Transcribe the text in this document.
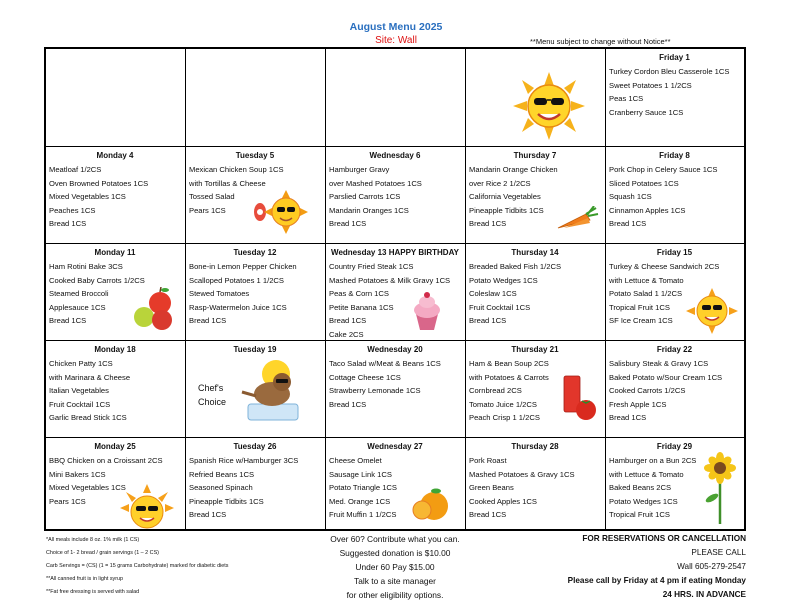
August Menu 2025
Site: Wall	**Menu subject to change without Notice**
Friday 1
Turkey Cordon Bleu Casserole 1CS
Sweet Potatoes 1 1/2CS
Peas 1CS
Cranberry Sauce 1CS
Monday 4
Meatloaf 1/2CS
Oven Browned Potatoes 1CS
Mixed Vegetables 1CS
Peaches 1CS
Bread 1CS
Tuesday 5
Mexican Chicken Soup 1CS
with Tortillas & Cheese
Tossed Salad
Pears 1CS
Wednesday 6
Hamburger Gravy
over Mashed Potatoes 1CS
Parslied Carrots 1CS
Mandarin Oranges 1CS
Bread 1CS
Thursday 7
Mandarin Orange Chicken
over Rice 2 1/2CS
California Vegetables
Pineapple Tidbits 1CS
Bread 1CS
Friday 8
Pork Chop in Celery Sauce 1CS
Sliced Potatoes 1CS
Squash 1CS
Cinnamon Apples 1CS
Bread 1CS
Monday 11
Ham Rotini Bake 3CS
Cooked Baby Carrots 1/2CS
Steamed Broccoli
Applesauce 1CS
Bread 1CS
Tuesday 12
Bone-in Lemon Pepper Chicken
Scalloped Potatoes 1 1/2CS
Stewed Tomatoes
Rasp-Watermelon Juice 1CS
Bread 1CS
Wednesday 13 HAPPY BIRTHDAY
Country Fried Steak 1CS
Mashed Potatoes & Milk Gravy 1CS
Peas & Corn 1CS
Petite Banana 1CS
Bread 1CS
Cake 2CS
Thursday 14
Breaded Baked Fish 1/2CS
Potato Wedges 1CS
Coleslaw 1CS
Fruit Cocktail 1CS
Bread 1CS
Friday 15
Turkey & Cheese Sandwich 2CS
with Lettuce & Tomato
Potato Salad 1 1/2CS
Tropical Fruit 1CS
SF Ice Cream 1CS
Monday 18
Chicken Patty 1CS
with Marinara & Cheese
Italian Vegetables
Fruit Cocktail 1CS
Garlic Bread Stick 1CS
Tuesday 19
Chef's
Choice
Wednesday 20
Taco Salad w/Meat & Beans 1CS
Cottage Cheese 1CS
Strawberry Lemonade 1CS
Bread 1CS
Thursday 21
Ham & Bean Soup 2CS
with Potatoes & Carrots
Cornbread 2CS
Tomato Juice 1/2CS
Peach Crisp 1 1/2CS
Friday 22
Salisbury Steak & Gravy 1CS
Baked Potato w/Sour Cream 1CS
Cooked Carrots 1/2CS
Fresh Apple 1CS
Bread 1CS
Monday 25
BBQ Chicken on a Croissant 2CS
Mini Bakers 1CS
Mixed Vegetables 1CS
Pears 1CS
Tuesday 26
Spanish Rice w/Hamburger 3CS
Refried Beans 1CS
Seasoned Spinach
Pineapple Tidbits 1CS
Bread 1CS
Wednesday 27
Cheese Omelet
Sausage Link 1CS
Potato Triangle 1CS
Med. Orange 1CS
Fruit Muffin 1 1/2CS
Thursday 28
Pork Roast
Mashed Potatoes & Gravy 1CS
Green Beans
Cooked Apples 1CS
Bread 1CS
Friday 29
Hamburger on a Bun 2CS
with Lettuce & Tomato
Baked Beans 2CS
Potato Wedges 1CS
Tropical Fruit 1CS
*All meals include 8 oz. 1% milk (1 CS)
Choice of 1- 2 bread / grain servings (1 – 2 CS)
Carb Servings = (CS) (1 = 15 grams Carbohydrate) marked for diabetic diets
**All canned fruit is in light syrup
**Fat free dressing is served with salad
Over 60? Contribute what you can.
Suggested donation is $10.00
Under 60 Pay $15.00
Talk to a site manager
for other eligibility options.
FOR RESERVATIONS OR CANCELLATION
PLEASE CALL
Wall 605-279-2547
Please call by Friday at 4 pm if eating Monday
24 HRS. IN ADVANCE
